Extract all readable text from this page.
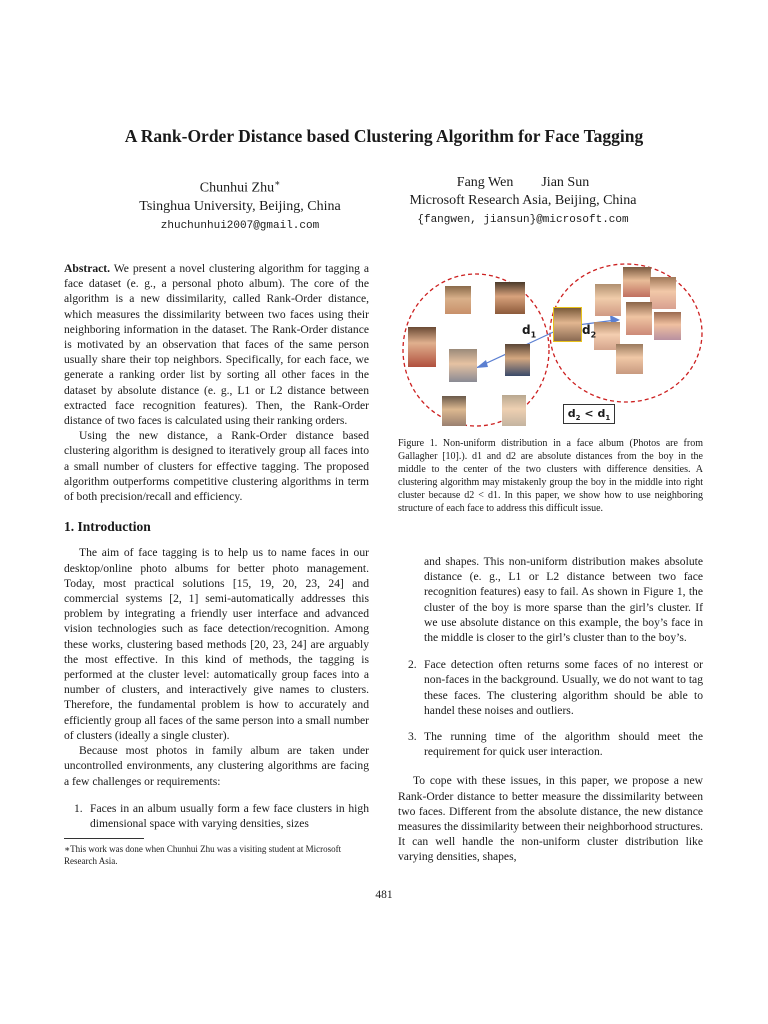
A Rank-Order Distance based Clustering Algorithm for Face Tagging
Chunhui Zhu∗
Tsinghua University, Beijing, China
zhuchunhui2007@gmail.com
Fang Wen        Jian Sun
Microsoft Research Asia, Beijing, China
{fangwen, jiansun}@microsoft.com

Abstract. We present a novel clustering algorithm for tagging a face dataset (e. g., a personal photo album). The core of the algorithm is a new dissimilarity, called Rank-Order distance, which measures the dissimilarity between two faces using their neighboring information in the dataset. The Rank-Order distance is motivated by an observation that faces of the same person usually share their top neighbors. Specifically, for each face, we generate a ranking order list by sorting all other faces in the dataset by absolute distance (e. g., L1 or L2 distance between extracted face recognition features). Then, the Rank-Order distance of two faces is calculated using their ranking orders.

Using the new distance, a Rank-Order distance based clustering algorithm is designed to iteratively group all faces into a small number of clusters for effective tagging. The proposed algorithm outperforms competitive clustering algorithms in term of both precision/recall and efficiency.

1. Introduction

The aim of face tagging is to help us to name faces in our desktop/online photo albums for better photo management. Today, most practical solutions [15, 19, 20, 23, 24] and commercial systems [2, 1] semi-automatically addresses this problem by integrating a friendly user interface and advanced vision technologies such as face detection/recognition. Among these works, clustering based methods [20, 23, 24] are arguably the most effective. In this kind of methods, the tagging is performed at the cluster level: automatically group faces into a number of clusters, and interactively give names to clusters. Therefore, the fundamental problem is how to accurately and efficiently group all faces of the same person into a small number of clusters (ideally a single cluster).

Because most photos in family album are taken under uncontrolled environments, any clustering algorithms are facing a few challenges or requirements:

1. Faces in an album usually form a few face clusters in high dimensional space with varying densities, sizes
∗This work was done when Chunhui Zhu was a visiting student at Microsoft Research Asia.
$d_1$	$d_2$
$d_2 < d_1$
Figure 1. Non-uniform distribution in a face album (Photos are from Gallagher [10].). d1 and d2 are absolute distances from the boy in the middle to the center of the two clusters with difference densities. A clustering algorithm may mistakenly group the boy in the middle into right cluster because d2 < d1. In this paper, we show how to use neighboring structure of each face to address this difficult issue.
and shapes. This non-uniform distribution makes absolute distance (e. g., L1 or L2 distance between two face recognition features) easy to fail. As shown in Figure 1, the cluster of the boy is more sparse than the girl’s cluster. If we use absolute distance on this example, the boy’s face in the middle is closer to the girl’s cluster than to the boy’s.
2. Face detection often returns some faces of no interest or non-faces in the background. Usually, we do not want to tag these faces. The clustering algorithm should be able to handel these noises and outliers.
3. The running time of the algorithm should meet the requirement for quick user interaction.

To cope with these issues, in this paper, we propose a new Rank-Order distance to better measure the dissimilarity between two faces. Different from the absolute distance, the new distance measures the dissimilarity between their neighborhood structures. It can well handle the non-uniform cluster distribution like varying densities, shapes,

481
